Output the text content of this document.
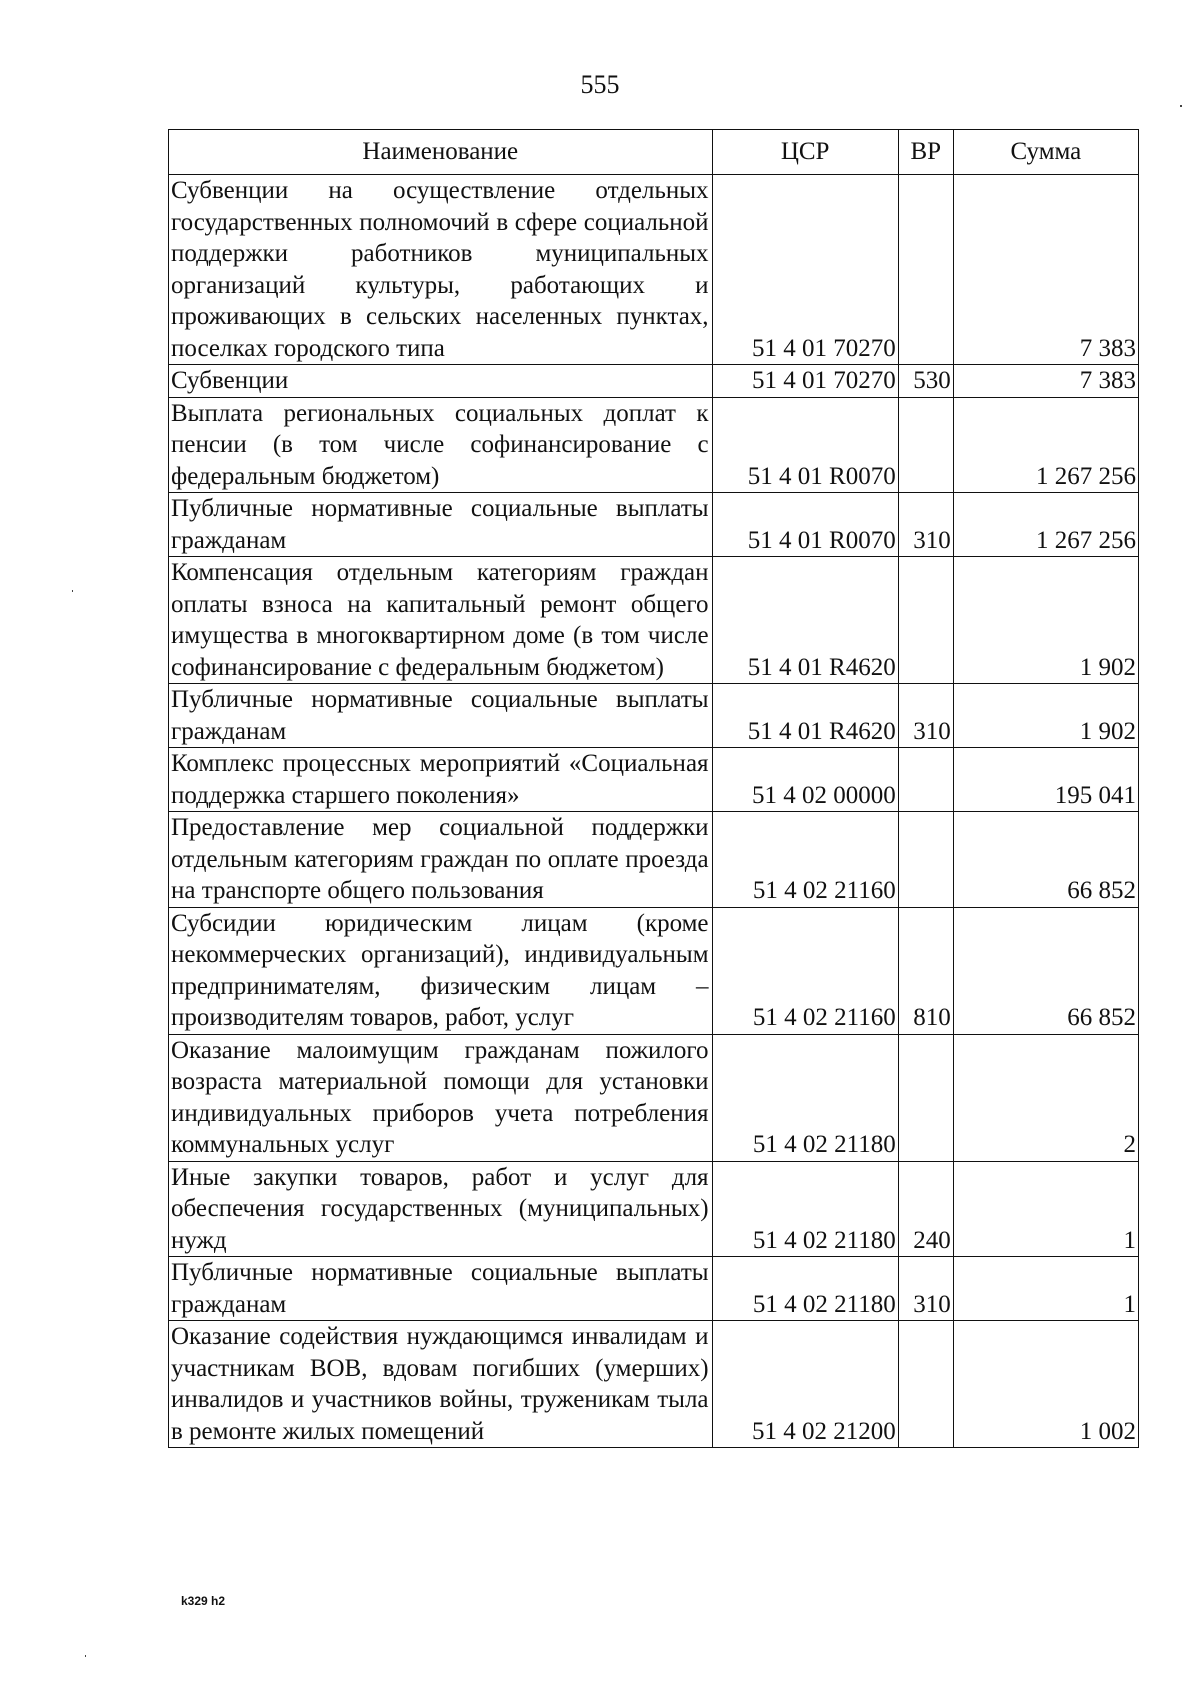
555
Наименование	ЦСР	ВР	Сумма
Субвенции на осуществление отдельных государственных полномочий в сфере социальной поддержки работников муниципальных организаций культуры, работающих и проживающих в сельских населенных пунктах, поселках городского типа	51 4 01 70270		7 383
Субвенции	51 4 01 70270	530	7 383
Выплата региональных социальных доплат к пенсии (в том числе софинансирование с федеральным бюджетом)	51 4 01 R0070		1 267 256
Публичные нормативные социальные выплаты гражданам	51 4 01 R0070	310	1 267 256
Компенсация отдельным категориям граждан оплаты взноса на капитальный ремонт общего имущества в многоквартирном доме (в том числе софинансирование с федеральным бюджетом)	51 4 01 R4620		1 902
Публичные нормативные социальные выплаты гражданам	51 4 01 R4620	310	1 902
Комплекс процессных мероприятий «Социальная поддержка старшего поколения»	51 4 02 00000		195 041
Предоставление мер социальной поддержки отдельным категориям граждан по оплате проезда на транспорте общего пользования	51 4 02 21160		66 852
Субсидии юридическим лицам (кроме некоммерческих организаций), индивидуальным предпринимателям, физическим лицам – производителям товаров, работ, услуг	51 4 02 21160	810	66 852
Оказание малоимущим гражданам пожилого возраста материальной помощи для установки индивидуальных приборов учета потребления коммунальных услуг	51 4 02 21180		2
Иные закупки товаров, работ и услуг для обеспечения государственных (муниципальных) нужд	51 4 02 21180	240	1
Публичные нормативные социальные выплаты гражданам	51 4 02 21180	310	1
Оказание содействия нуждающимся инвалидам и участникам ВОВ, вдовам погибших (умерших) инвалидов и участников войны, труженикам тыла в ремонте жилых помещений	51 4 02 21200		1 002
k329 h2
